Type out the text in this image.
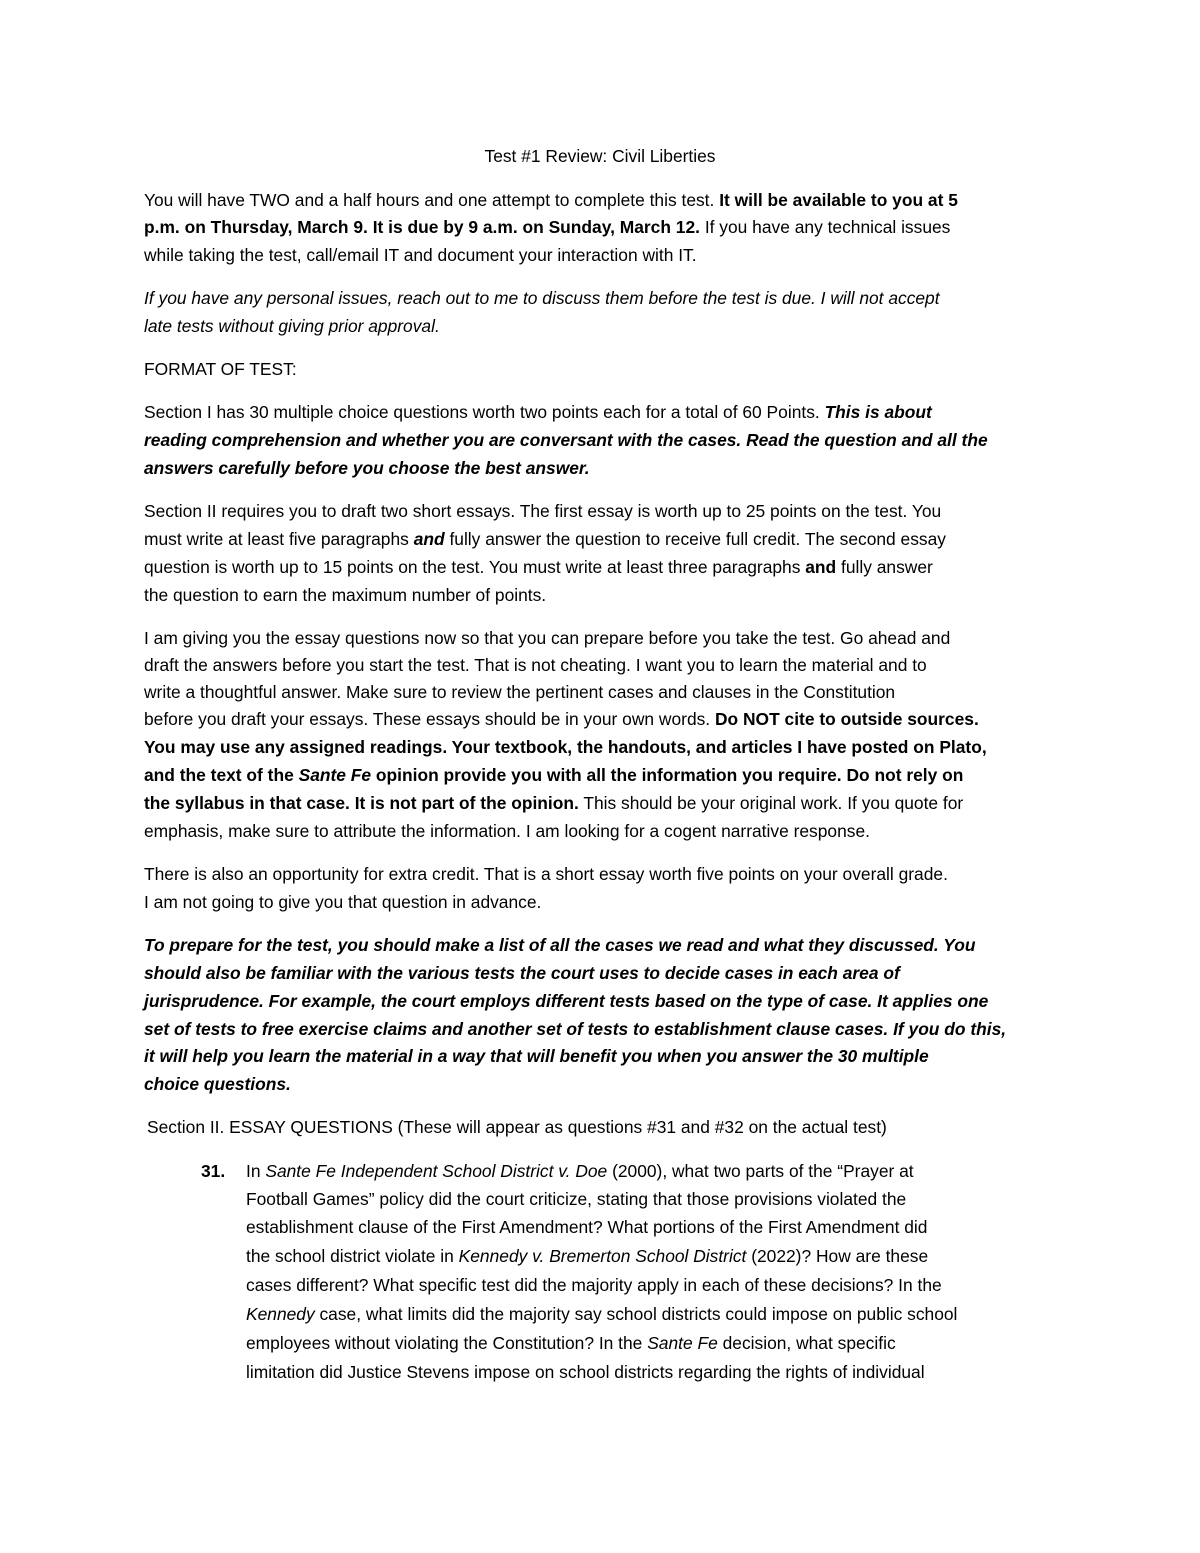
Test #1 Review: Civil Liberties

You will have TWO and a half hours and one attempt to complete this test. It will be available to you at 5

p.m. on Thursday, March 9. It is due by 9 a.m. on Sunday, March 12. If you have any technical issues

while taking the test, call/email IT and document your interaction with IT.

If you have any personal issues, reach out to me to discuss them before the test is due. I will not accept

late tests without giving prior approval.

FORMAT OF TEST:

Section I has 30 multiple choice questions worth two points each for a total of 60 Points. This is about

reading comprehension and whether you are conversant with the cases. Read the question and all the

answers carefully before you choose the best answer.

Section II requires you to draft two short essays. The first essay is worth up to 25 points on the test. You

must write at least five paragraphs and fully answer the question to receive full credit. The second essay

question is worth up to 15 points on the test. You must write at least three paragraphs and fully answer

the question to earn the maximum number of points.

I am giving you the essay questions now so that you can prepare before you take the test. Go ahead and

draft the answers before you start the test. That is not cheating. I want you to learn the material and to

write a thoughtful answer. Make sure to review the pertinent cases and clauses in the Constitution

before you draft your essays. These essays should be in your own words. Do NOT cite to outside sources.

You may use any assigned readings. Your textbook, the handouts, and articles I have posted on Plato,

and the text of the Sante Fe opinion provide you with all the information you require. Do not rely on

the syllabus in that case. It is not part of the opinion. This should be your original work. If you quote for

emphasis, make sure to attribute the information. I am looking for a cogent narrative response.

There is also an opportunity for extra credit. That is a short essay worth five points on your overall grade.

I am not going to give you that question in advance.

To prepare for the test, you should make a list of all the cases we read and what they discussed. You

should also be familiar with the various tests the court uses to decide cases in each area of

jurisprudence. For example, the court employs different tests based on the type of case. It applies one

set of tests to free exercise claims and another set of tests to establishment clause cases. If you do this,

it will help you learn the material in a way that will benefit you when you answer the 30 multiple

choice questions.

Section II. ESSAY QUESTIONS (These will appear as questions #31 and #32 on the actual test)

31. In Sante Fe Independent School District v. Doe (2000), what two parts of the “Prayer at

Football Games” policy did the court criticize, stating that those provisions violated the

establishment clause of the First Amendment? What portions of the First Amendment did

the school district violate in Kennedy v. Bremerton School District (2022)? How are these

cases different? What specific test did the majority apply in each of these decisions? In the

Kennedy case, what limits did the majority say school districts could impose on public school

employees without violating the Constitution? In the Sante Fe decision, what specific

limitation did Justice Stevens impose on school districts regarding the rights of individual
